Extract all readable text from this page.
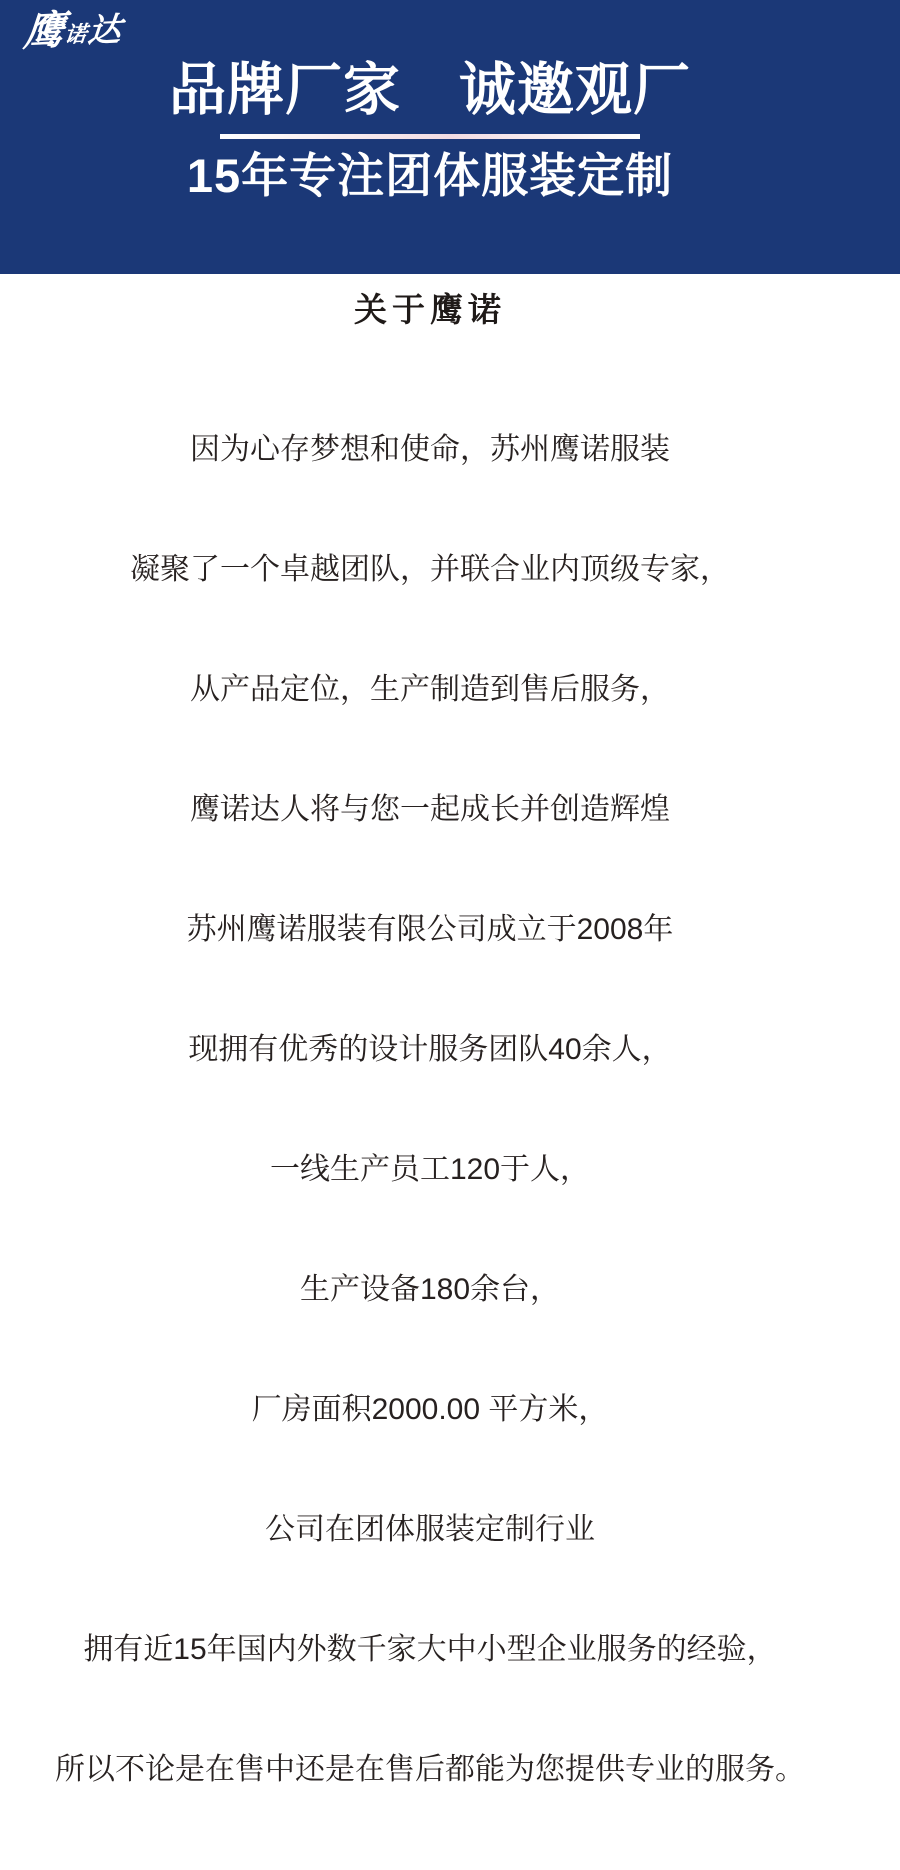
鹰
诺
达
品牌厂家　诚邀观厂
15年专注团体服装定制
关于鹰诺

因为心存梦想和使命，苏州鹰诺服装

凝聚了一个卓越团队，并联合业内顶级专家，

从产品定位，生产制造到售后服务，

鹰诺达人将与您一起成长并创造辉煌

苏州鹰诺服装有限公司成立于2008年

现拥有优秀的设计服务团队40余人，

一线生产员工120于人，

生产设备180余台，

厂房面积2000.00 平方米，

公司在团体服装定制行业

拥有近15年国内外数千家大中小型企业服务的经验，

所以不论是在售中还是在售后都能为您提供专业的服务。
